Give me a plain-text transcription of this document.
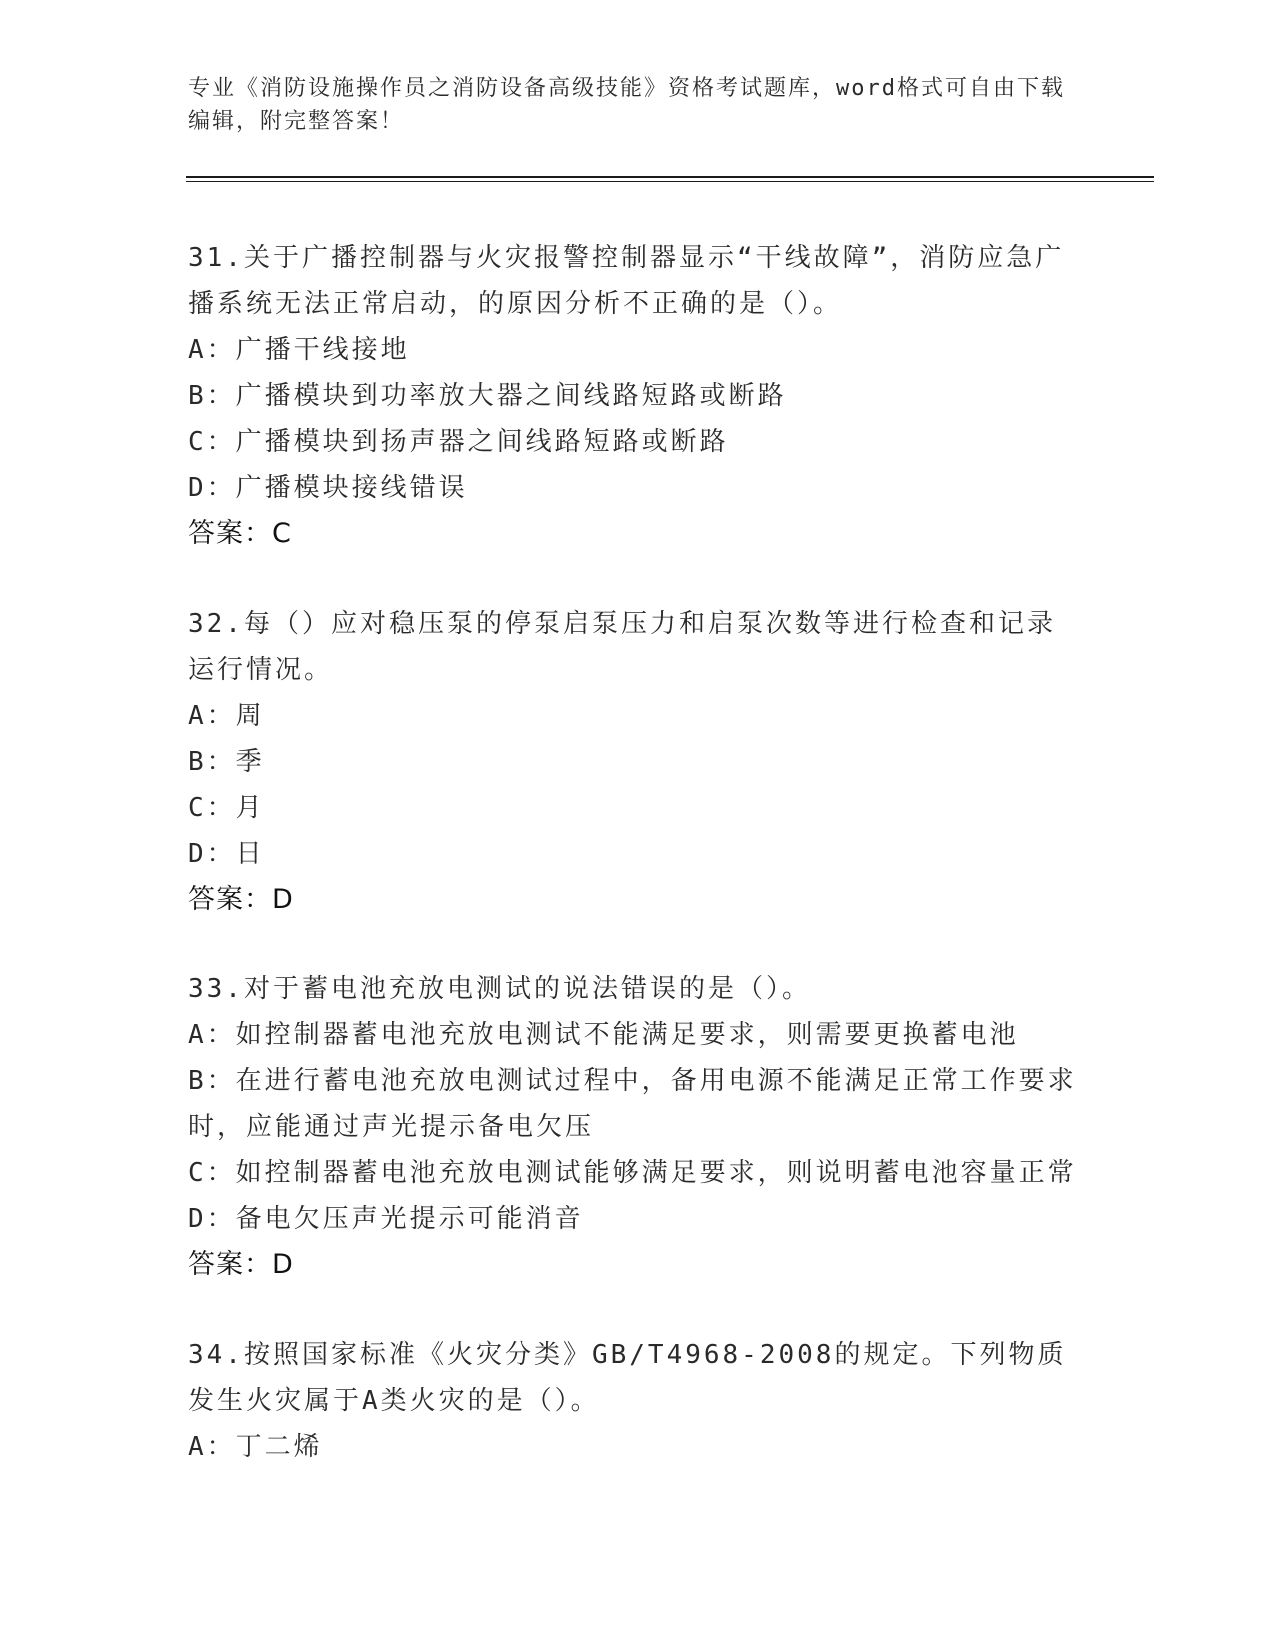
专业《消防设施操作员之消防设备高级技能》资格考试题库，word格式可自由下载编辑，附完整答案！

31.关于广播控制器与火灾报警控制器显示“干线故障”，消防应急广播系统无法正常启动，的原因分析不正确的是（）。

A：广播干线接地

B：广播模块到功率放大器之间线路短路或断路

C：广播模块到扬声器之间线路短路或断路

D：广播模块接线错误

答案：C

32.每（）应对稳压泵的停泵启泵压力和启泵次数等进行检查和记录运行情况。

A：周

B：季

C：月

D：日

答案：D

33.对于蓄电池充放电测试的说法错误的是（）。

A：如控制器蓄电池充放电测试不能满足要求，则需要更换蓄电池

B：在进行蓄电池充放电测试过程中，备用电源不能满足正常工作要求时，应能通过声光提示备电欠压

C：如控制器蓄电池充放电测试能够满足要求，则说明蓄电池容量正常

D：备电欠压声光提示可能消音

答案：D

34.按照国家标准《火灾分类》GB/T4968-2008的规定。下列物质发生火灾属于A类火灾的是（）。

A：丁二烯
